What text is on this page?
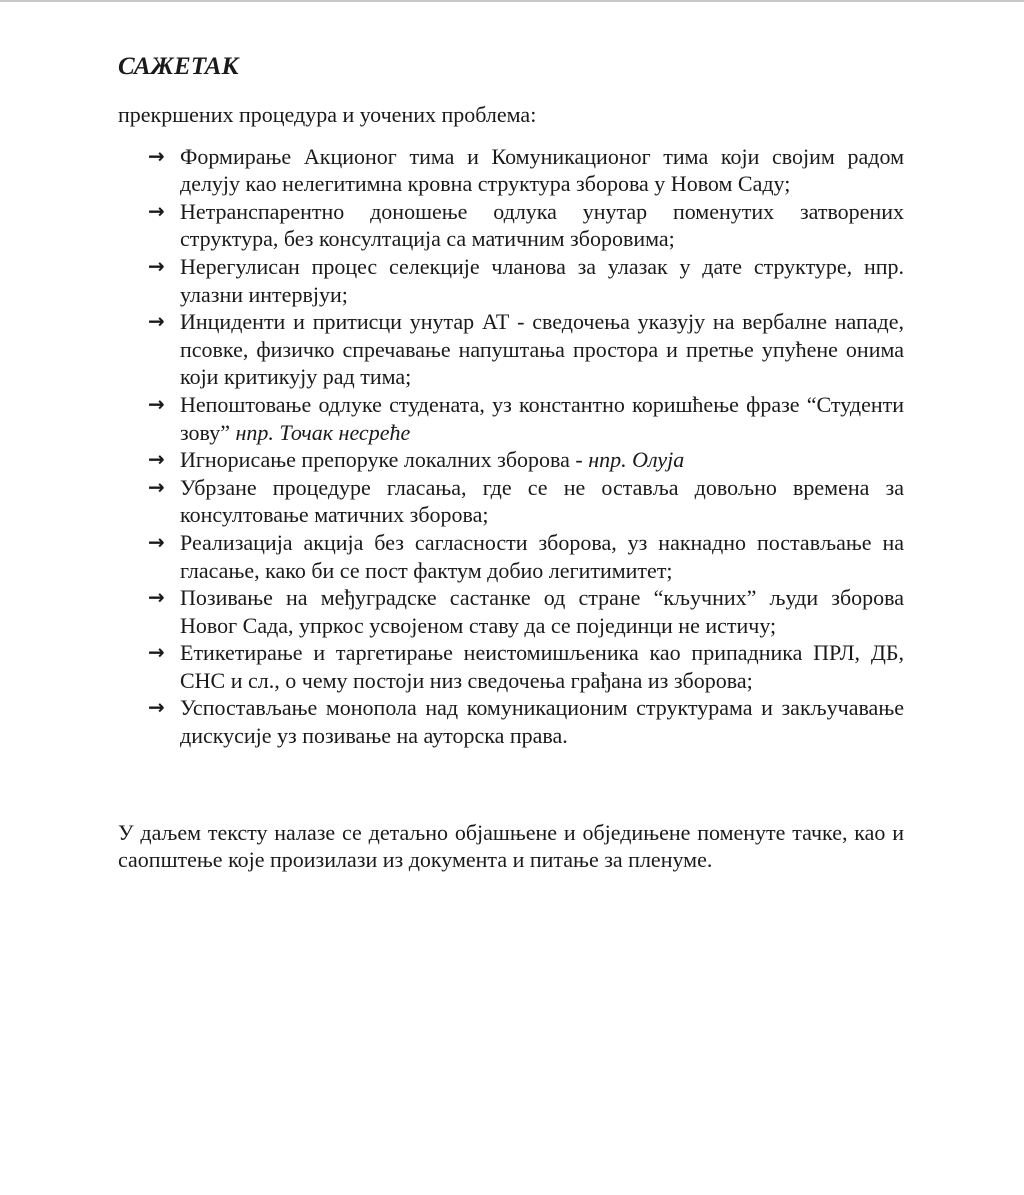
САЖЕТАК

прекршених процедура и уочених проблема:

→ Формирање Акционог тима и Комуникационог тима који својим радом делују као нелегитимна кровна структура зборова у Новом Саду;
→ Нетранспарентно доношење одлука унутар поменутих затворених структура, без консултација са матичним зборовима;
→ Нерегулисан процес селекције чланова за улазак у дате структуре, нпр. улазни интервјуи;
→ Инциденти и притисци унутар АТ - сведочења указују на вербалне нападе, псовке, физичко спречавање напуштања простора и претње упућене онима који критикују рад тима;
→ Непоштовање одлуке студената, уз константно коришћење фразе “Студенти зову” нпр. Точак несреће
→ Игнорисање препоруке локалних зборова - нпр. Олуја
→ Убрзане процедуре гласања, где се не оставља довољно времена за консултовање матичних зборова;
→ Реализација акција без сагласности зборова, уз накнадно постављање на гласање, како би се пост фактум добио легитимитет;
→ Позивање на међуградске састанке од стране “кључних” људи зборова Новог Сада, упркос усвојеном ставу да се појединци не истичу;
→ Етикетирање и таргетирање неистомишљеника као припадника ПРЛ, ДБ, СНС и сл., о чему постоји низ сведочења грађана из зборова;
→ Успостављање монопола над комуникационим структурама и закључавање дискусије уз позивање на ауторска права.

У даљем тексту налазе се детаљно објашњене и обједињене поменуте тачке, као и саопштење које произилази из документа и питање за пленуме.
